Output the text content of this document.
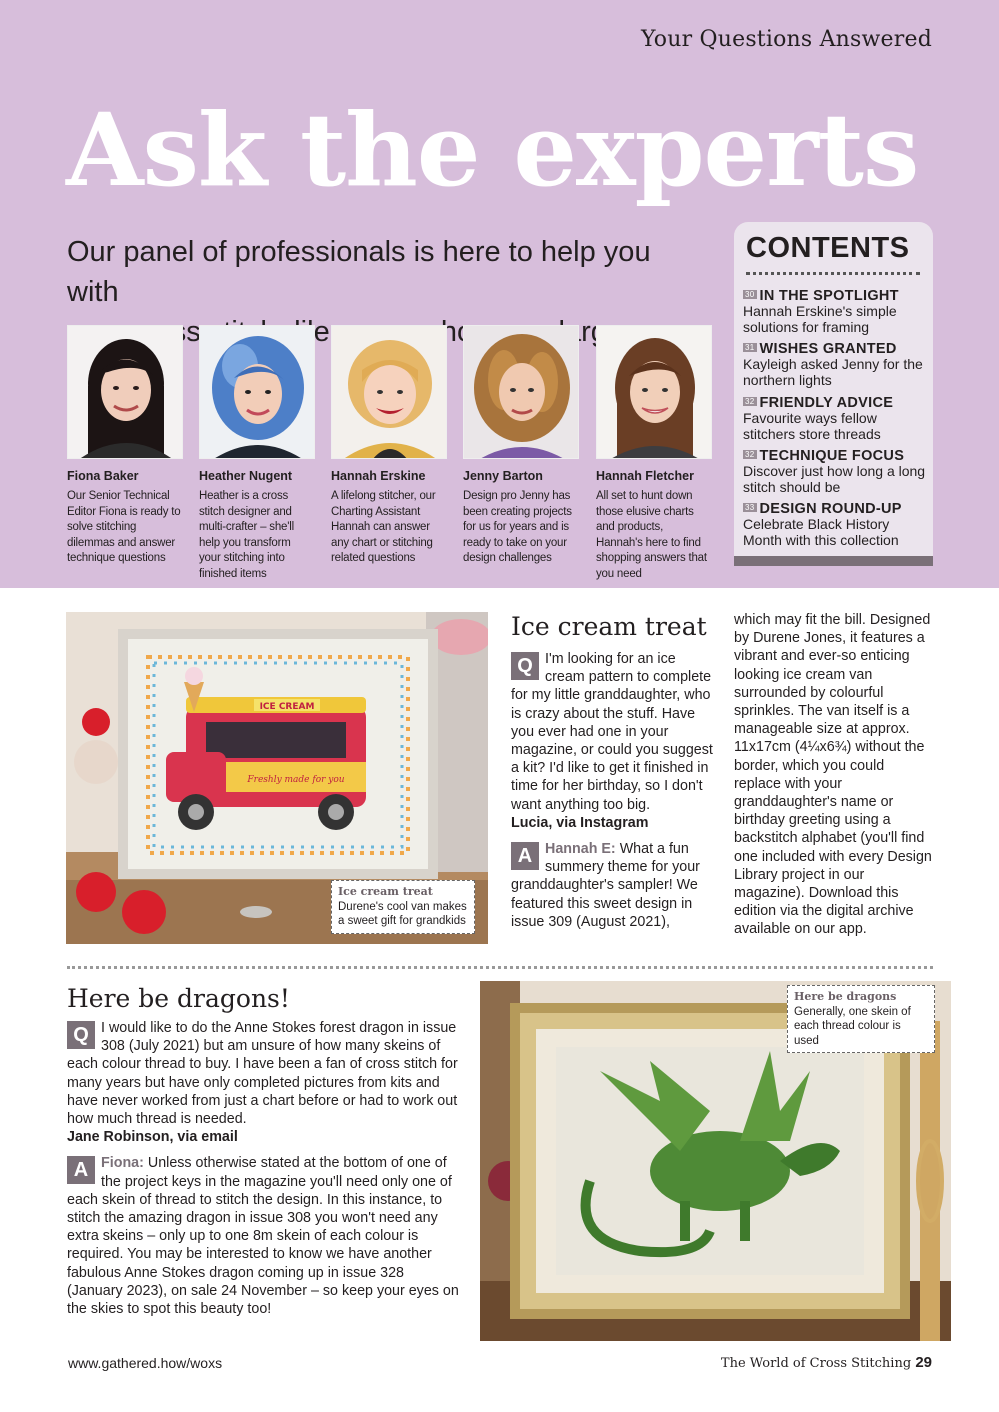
Your Questions Answered
Ask the experts
Our panel of professionals is here to help you with
large
Fiona Baker
Our Senior Technical Editor Fiona is ready to solve stitching dilemmas and answer technique questions
Heather Nugent
Heather is a cross stitch designer and multi-crafter – she'll help you transform your stitching into finished items
Hannah Erskine
A lifelong stitcher, our Charting Assistant Hannah can answer any chart or stitching related questions
Jenny Barton
Design pro Jenny has been creating projects for us for years and is ready to take on your design challenges
Hannah Fletcher
All set to hunt down those elusive charts and products, Hannah's here to find shopping answers that you need
CONTENTS
30 IN THE SPOTLIGHT
Hannah Erskine's simple solutions for framing
31 WISHES GRANTED
Kayleigh asked Jenny for the northern lights
32 FRIENDLY ADVICE
Favourite ways fellow stitchers store threads
32 TECHNIQUE FOCUS
Discover just how long a long stitch should be
33 DESIGN ROUND-UP
Celebrate Black History Month with this collection
ICE CREAM
Freshly made for you
Ice cream treat
Durene's cool van makes a sweet gift for grandkids
Ice cream treat
Q I'm looking for an ice cream pattern to complete for my little granddaughter, who is crazy about the stuff. Have you ever had one in your magazine, or could you suggest a kit? I'd like to get it finished in time for her birthday, so I don't want anything too big.
Lucia, via Instagram
A Hannah E: What a fun summery theme for your granddaughter's sampler! We featured this sweet design in issue 309 (August 2021),
which may fit the bill. Designed by Durene Jones, it features a vibrant and ever-so enticing looking ice cream van surrounded by colourful sprinkles. The van itself is a manageable size at approx. 11x17cm (4¼x6¾) without the border, which you could replace with your granddaughter's name or birthday greeting using a backstitch alphabet (you'll find one included with every Design Library project in our magazine). Download this edition via the digital archive available on our app.
Here be dragons!
Q I would like to do the Anne Stokes forest dragon in issue 308 (July 2021) but am unsure of how many skeins of each colour thread to buy. I have been a fan of cross stitch for many years but have only completed pictures from kits and have never worked from just a chart before or had to work out how much thread is needed.
Jane Robinson, via email
A Fiona: Unless otherwise stated at the bottom of one of the project keys in the magazine you'll need only one of each skein of thread to stitch the design. In this instance, to stitch the amazing dragon in issue 308 you won't need any extra skeins – only up to one 8m skein of each colour is required. You may be interested to know we have another fabulous Anne Stokes dragon coming up in issue 328 (January 2023), on sale 24 November – so keep your eyes on the skies to spot this beauty too!
Here be dragons
Generally, one skein of each thread colour is used
www.gathered.how/woxs	The World of Cross Stitching 29
